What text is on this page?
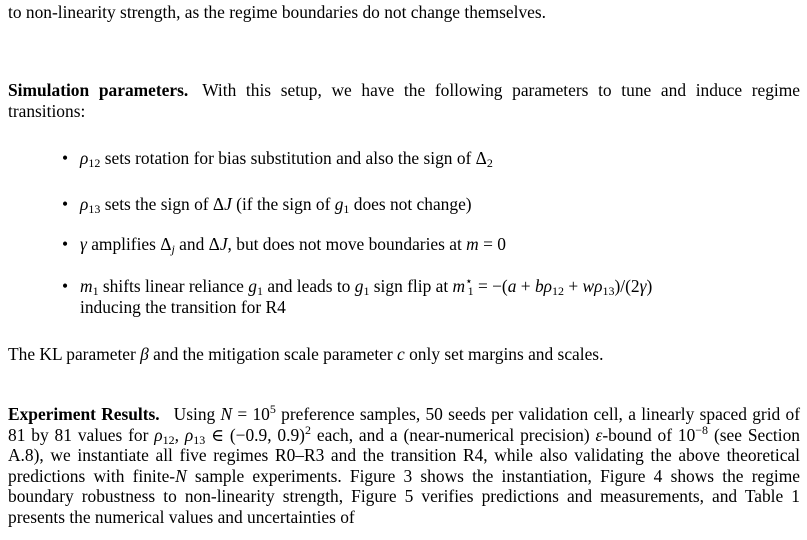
to non-linearity strength, as the regime boundaries do not change themselves.

Simulation parameters. With this setup, we have the following parameters to tune and induce regime transitions:

• $\rho_{12}$ sets rotation for bias substitution and also the sign of $\Delta_2$
• $\rho_{13}$ sets the sign of ΔJ (if the sign of $g_1$ does not change)
• γ amplifies $\Delta_j$ and ΔJ, but does not move boundaries at m = 0
• $m_1$ shifts linear reliance $g_1$ and leads to $g_1$ sign flip at $m^⋆_1 = -(a + b\rho_{12} + w\rho_{13})/(2\gamma)$
inducing the transition for R4

The KL parameter β and the mitigation scale parameter c only set margins and scales.

Experiment Results. Using $N = 10^5$ preference samples, 50 seeds per validation cell, a linearly spaced grid of 81 by 81 values for $\rho_{12}$, $\rho_{13}$ ∈ (−0.9, 0.9)$^2$ each, and a (near-numerical precision) ε-bound of $10^{-8}$ (see Section A.8), we instantiate all five regimes R0–R3 and the transition R4, while also validating the above theoretical predictions with finite-N sample experiments. Figure 3 shows the instantiation, Figure 4 shows the regime boundary robustness to non-linearity strength, Figure 5 verifies predictions and measurements, and Table 1 presents the numerical values and uncertainties of
